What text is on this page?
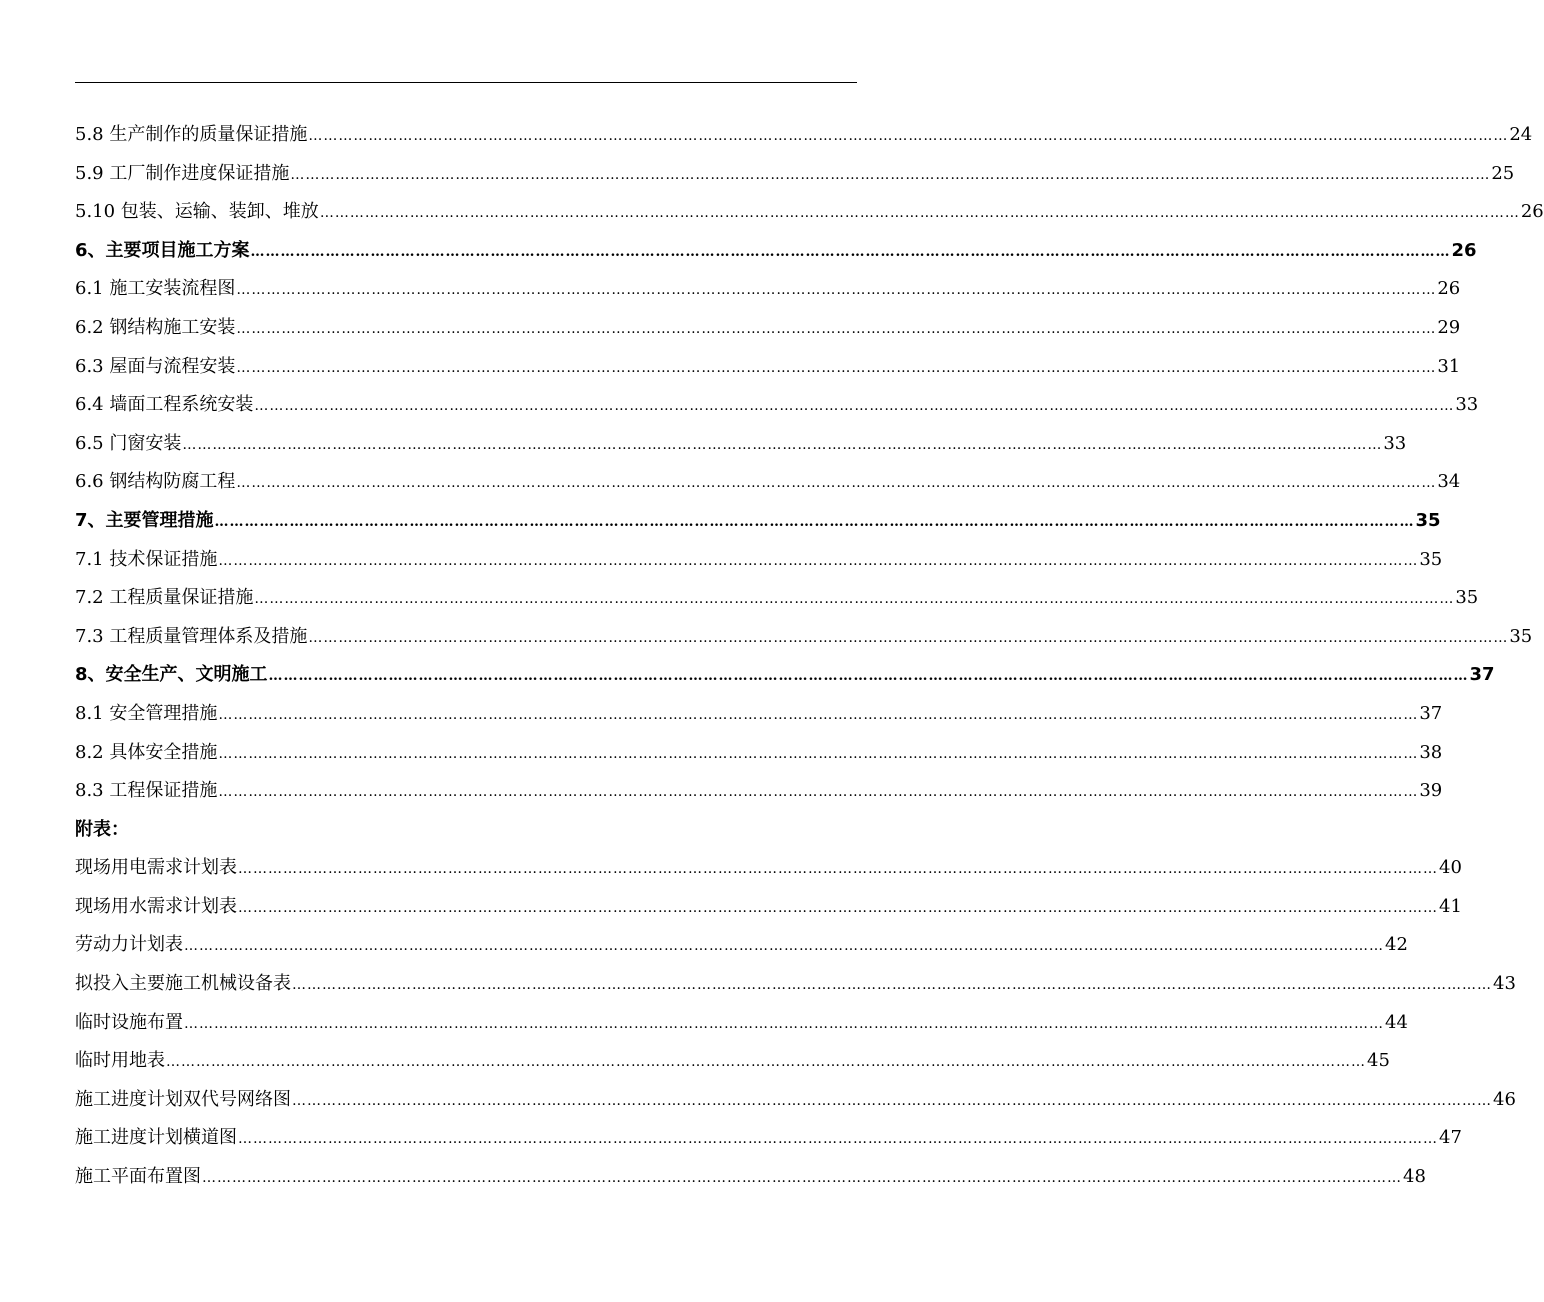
5.8 生产制作的质量保证措施 …………………………………………………………………………………………………………………………………………………………………………………………………………………… 24
5.9 工厂制作进度保证措施 …………………………………………………………………………………………………………………………………………………………………………………………………………………… 25
5.10 包装、运输、装卸、堆放 …………………………………………………………………………………………………………………………………………………………………………………………………………………… 26
6、主要项目施工方案 …………………………………………………………………………………………………………………………………………………………………………………………………………………… 26
6.1 施工安装流程图 …………………………………………………………………………………………………………………………………………………………………………………………………………………… 26
6.2 钢结构施工安装 …………………………………………………………………………………………………………………………………………………………………………………………………………………… 29
6.3 屋面与流程安装 …………………………………………………………………………………………………………………………………………………………………………………………………………………… 31
6.4 墙面工程系统安装 …………………………………………………………………………………………………………………………………………………………………………………………………………………… 33
6.5 门窗安装 …………………………………………………………………………………………………………………………………………………………………………………………………………………… 33
6.6 钢结构防腐工程 …………………………………………………………………………………………………………………………………………………………………………………………………………………… 34
7、主要管理措施 …………………………………………………………………………………………………………………………………………………………………………………………………………………… 35
7.1 技术保证措施 …………………………………………………………………………………………………………………………………………………………………………………………………………………… 35
7.2 工程质量保证措施 …………………………………………………………………………………………………………………………………………………………………………………………………………………… 35
7.3 工程质量管理体系及措施 …………………………………………………………………………………………………………………………………………………………………………………………………………………… 35
8、安全生产、文明施工 …………………………………………………………………………………………………………………………………………………………………………………………………………………… 37
8.1 安全管理措施 …………………………………………………………………………………………………………………………………………………………………………………………………………………… 37
8.2 具体安全措施 …………………………………………………………………………………………………………………………………………………………………………………………………………………… 38
8.3 工程保证措施 …………………………………………………………………………………………………………………………………………………………………………………………………………………… 39
附表：
现场用电需求计划表 …………………………………………………………………………………………………………………………………………………………………………………………………………………… 40
现场用水需求计划表 …………………………………………………………………………………………………………………………………………………………………………………………………………………… 41
劳动力计划表 …………………………………………………………………………………………………………………………………………………………………………………………………………………… 42
拟投入主要施工机械设备表 …………………………………………………………………………………………………………………………………………………………………………………………………………………… 43
临时设施布置 …………………………………………………………………………………………………………………………………………………………………………………………………………………… 44
临时用地表 …………………………………………………………………………………………………………………………………………………………………………………………………………………… 45
施工进度计划双代号网络图 …………………………………………………………………………………………………………………………………………………………………………………………………………………… 46
施工进度计划横道图 …………………………………………………………………………………………………………………………………………………………………………………………………………………… 47
施工平面布置图 …………………………………………………………………………………………………………………………………………………………………………………………………………………… 48
